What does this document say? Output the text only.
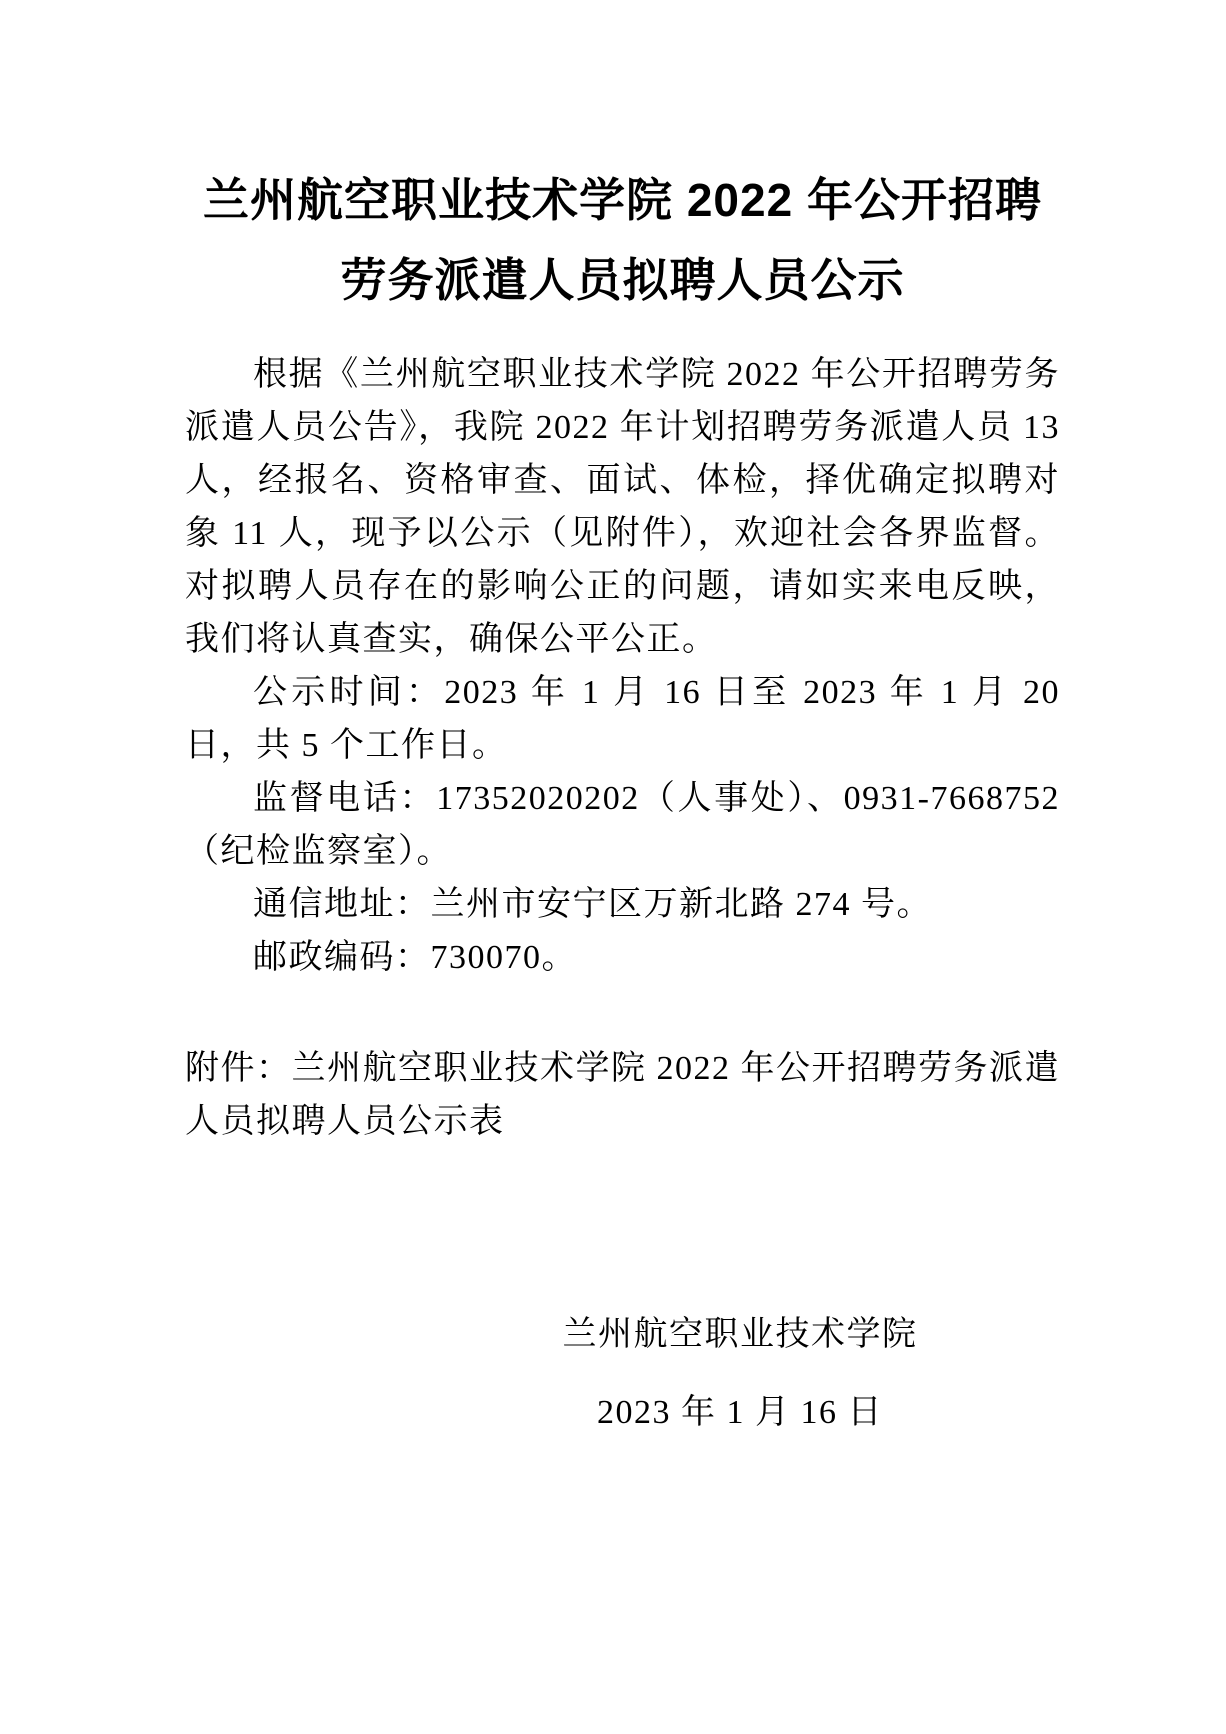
兰州航空职业技术学院 2022 年公开招聘
劳务派遣人员拟聘人员公示

根据《兰州航空职业技术学院 2022 年公开招聘劳务派遣人员公告》，我院 2022 年计划招聘劳务派遣人员 13 人，经报名、资格审查、面试、体检，择优确定拟聘对象 11 人，现予以公示（见附件），欢迎社会各界监督。对拟聘人员存在的影响公正的问题，请如实来电反映，我们将认真查实，确保公平公正。

公示时间：2023 年 1 月 16 日至 2023 年 1 月 20 日，共 5 个工作日。

监督电话：17352020202（人事处）、0931-7668752（纪检监察室）。

通信地址：兰州市安宁区万新北路 274 号。

邮政编码：730070。

附件：兰州航空职业技术学院 2022 年公开招聘劳务派遣人员拟聘人员公示表

兰州航空职业技术学院
2023 年 1 月 16 日
